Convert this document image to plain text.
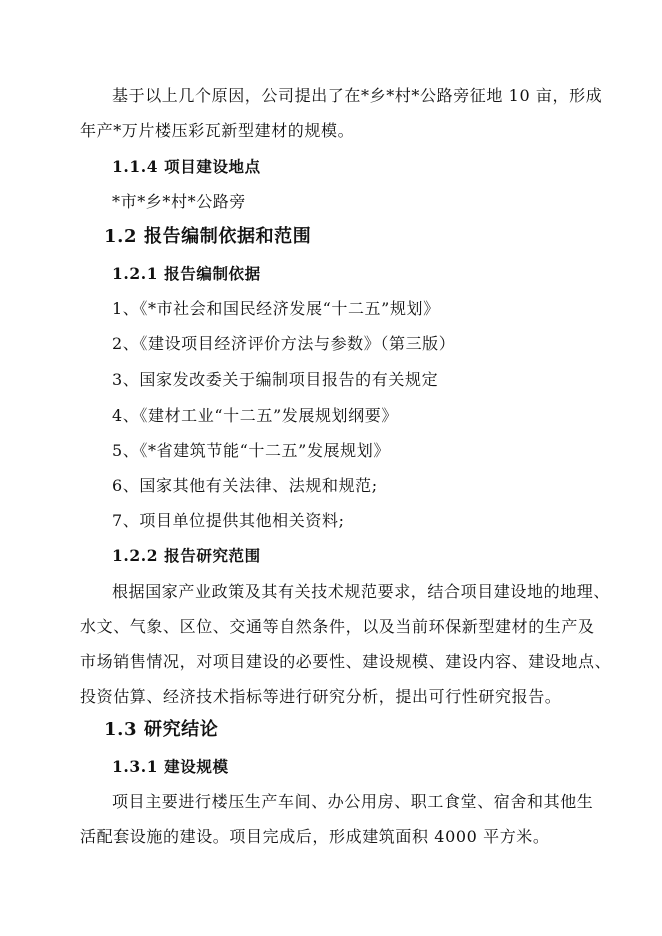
基于以上几个原因，公司提出了在*乡*村*公路旁征地 10 亩，形成
年产*万片楼压彩瓦新型建材的规模。
1.1.4 项目建设地点
*市*乡*村*公路旁
1.2 报告编制依据和范围
1.2.1 报告编制依据
1、《*市社会和国民经济发展“十二五”规划》
2、《建设项目经济评价方法与参数》（第三版）
3、国家发改委关于编制项目报告的有关规定
4、《建材工业“十二五”发展规划纲要》
5、《*省建筑节能“十二五”发展规划》
6、国家其他有关法律、法规和规范;
7、项目单位提供其他相关资料;
1.2.2 报告研究范围
根据国家产业政策及其有关技术规范要求，结合项目建设地的地理、
水文、气象、区位、交通等自然条件，以及当前环保新型建材的生产及
市场销售情况，对项目建设的必要性、建设规模、建设内容、建设地点、
投资估算、经济技术指标等进行研究分析，提出可行性研究报告。
1.3 研究结论
1.3.1 建设规模
项目主要进行楼压生产车间、办公用房、职工食堂、宿舍和其他生
活配套设施的建设。项目完成后，形成建筑面积 4000 平方米。
